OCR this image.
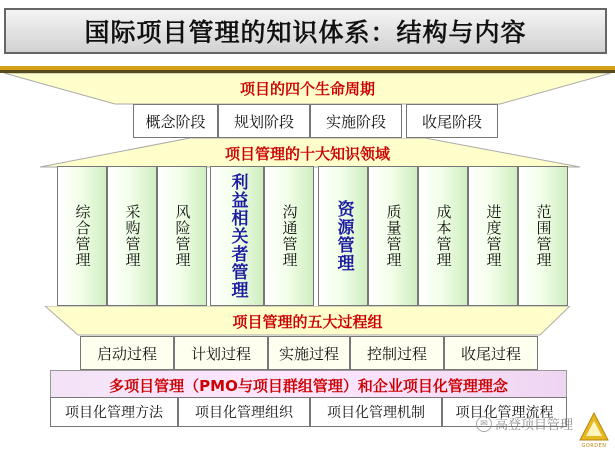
国际项目管理的知识体系：结构与内容
项目的四个生命周期
概念阶段	规划阶段	实施阶段	收尾阶段
项目管理的十大知识领域
综合管理 采购管理 风险管理 利益相关者管理 沟通管理 资源管理 质量管理 成本管理 进度管理 范围管理
项目管理的五大过程组
启动过程	计划过程	实施过程	控制过程	收尾过程
多项目管理（PMO与项目群组管理）和企业项目化管理理念
项目化管理方法	项目化管理组织	项目化管理机制	项目化管理流程
✉ 高登项目管理
GORDEN
